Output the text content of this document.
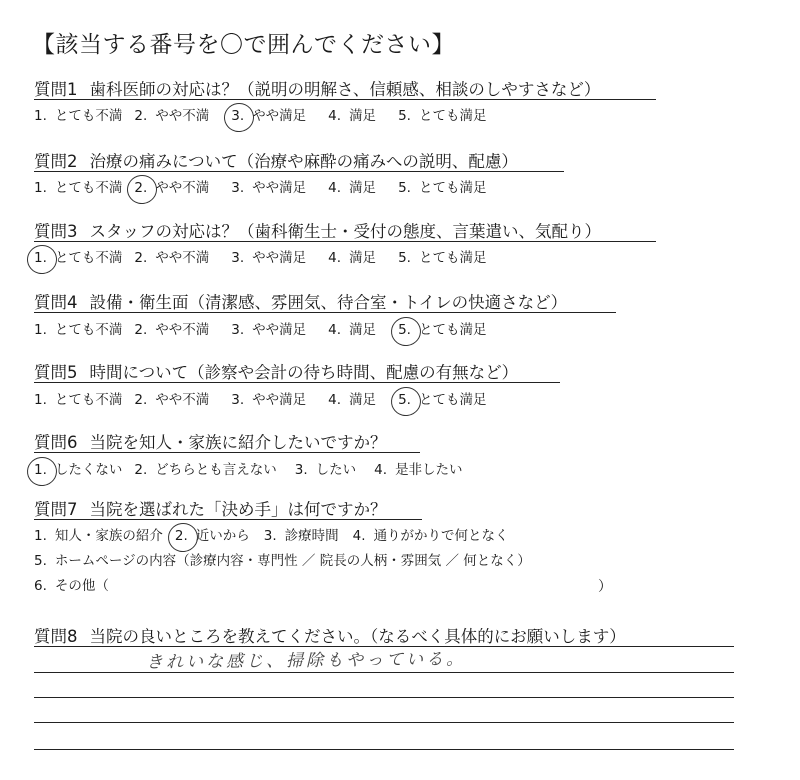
【該当する番号を〇で囲んでください】
質問1 歯科医師の対応は？（説明の明解さ、信頼感、相談のしやすさなど）
1. とても不満 2. やや不満 3. やや満足 4. 満足 5. とても満足
質問2 治療の痛みについて（治療や麻酔の痛みへの説明、配慮）
1. とても不満 2. やや不満 3. やや満足 4. 満足 5. とても満足
質問3 スタッフの対応は？（歯科衛生士・受付の態度、言葉遣い、気配り）
1. とても不満 2. やや不満 3. やや満足 4. 満足 5. とても満足
質問4 設備・衛生面（清潔感、雰囲気、待合室・トイレの快適さなど）
1. とても不満 2. やや不満 3. やや満足 4. 満足 5. とても満足
質問5 時間について（診察や会計の待ち時間、配慮の有無など）
1. とても不満 2. やや不満 3. やや満足 4. 満足 5. とても満足
質問6 当院を知人・家族に紹介したいですか？
1. したくない 2. どちらとも言えない 3. したい 4. 是非したい
質問7 当院を選ばれた「決め手」は何ですか？
1. 知人・家族の紹介 2. 近いから 3. 診療時間 4. 通りがかりで何となく
5. ホームページの内容（診療内容・専門性 ／ 院長の人柄・雰囲気 ／ 何となく）
6. その他（
質問8 当院の良いところを教えてください。（なるべく具体的にお願いします）
）
きれいな感じ、掃除もやっている。
